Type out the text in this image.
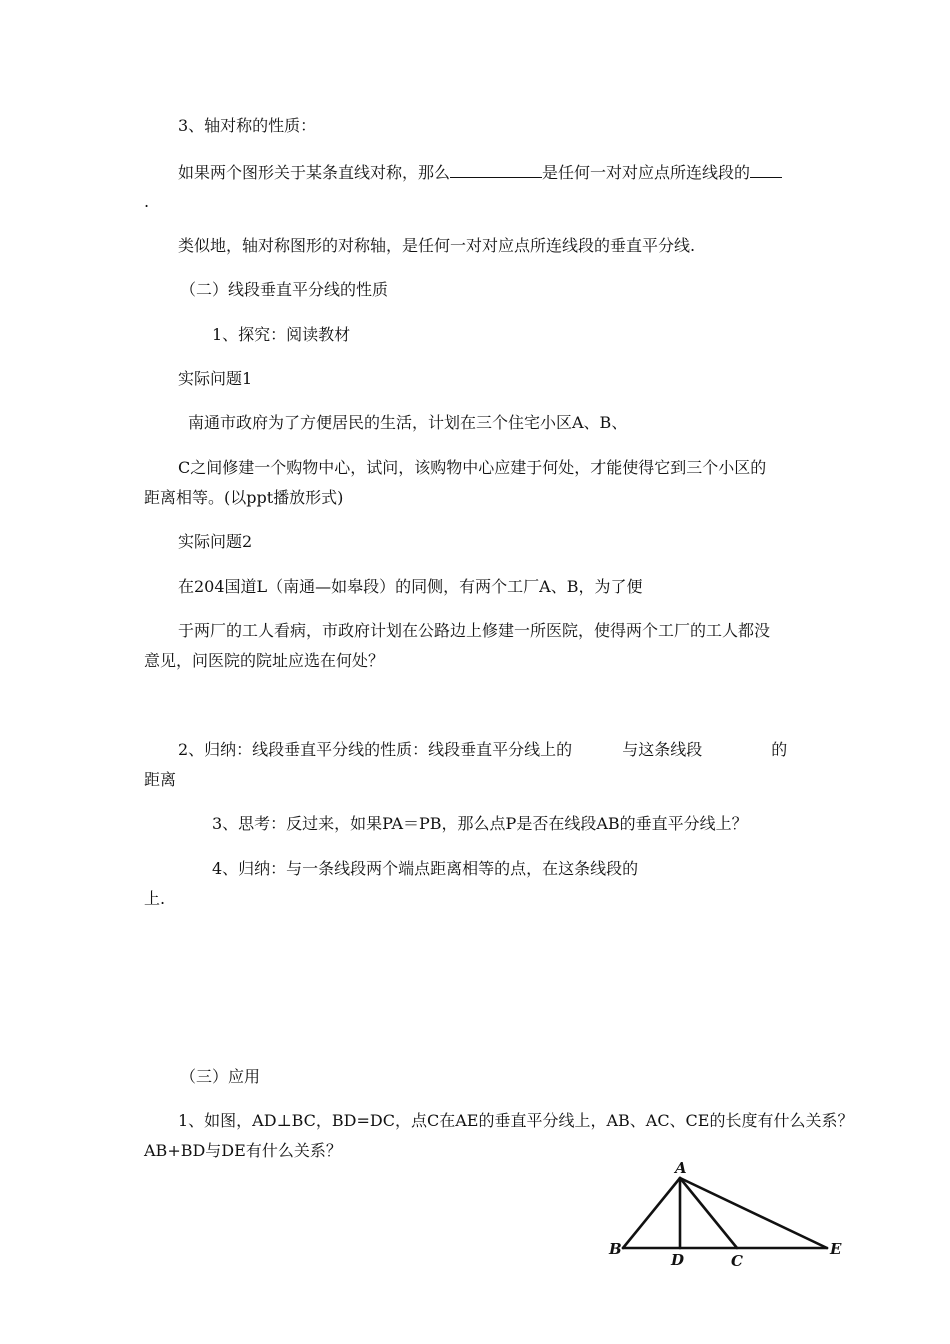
3、轴对称的性质：
如果两个图形关于某条直线对称，那么	是任何一对对应点所连线段的
.
类似地，轴对称图形的对称轴，是任何一对对应点所连线段的垂直平分线.
（二）线段垂直平分线的性质
1、探究：阅读教材
实际问题1
南通市政府为了方便居民的生活，计划在三个住宅小区A、B、
C之间修建一个购物中心，试问，该购物中心应建于何处，才能使得它到三个小区的
距离相等。(以ppt播放形式)
实际问题2
在204国道L（南通—如皋段）的同侧，有两个工厂A、B，为了便
于两厂的工人看病，市政府计划在公路边上修建一所医院，使得两个工厂的工人都没
意见，问医院的院址应选在何处？
2、归纳：线段垂直平分线的性质：线段垂直平分线上的	与这条线段	的
距离
3、思考：反过来，如果PA＝PB，那么点P是否在线段AB的垂直平分线上？
4、归纳：与一条线段两个端点距离相等的点，在这条线段的
上.
（三）应用
1、如图，AD⊥BC，BD=DC，点C在AE的垂直平分线上，AB、AC、CE的长度有什么关系？
AB+BD与DE有什么关系？
A
B
D	C
E
